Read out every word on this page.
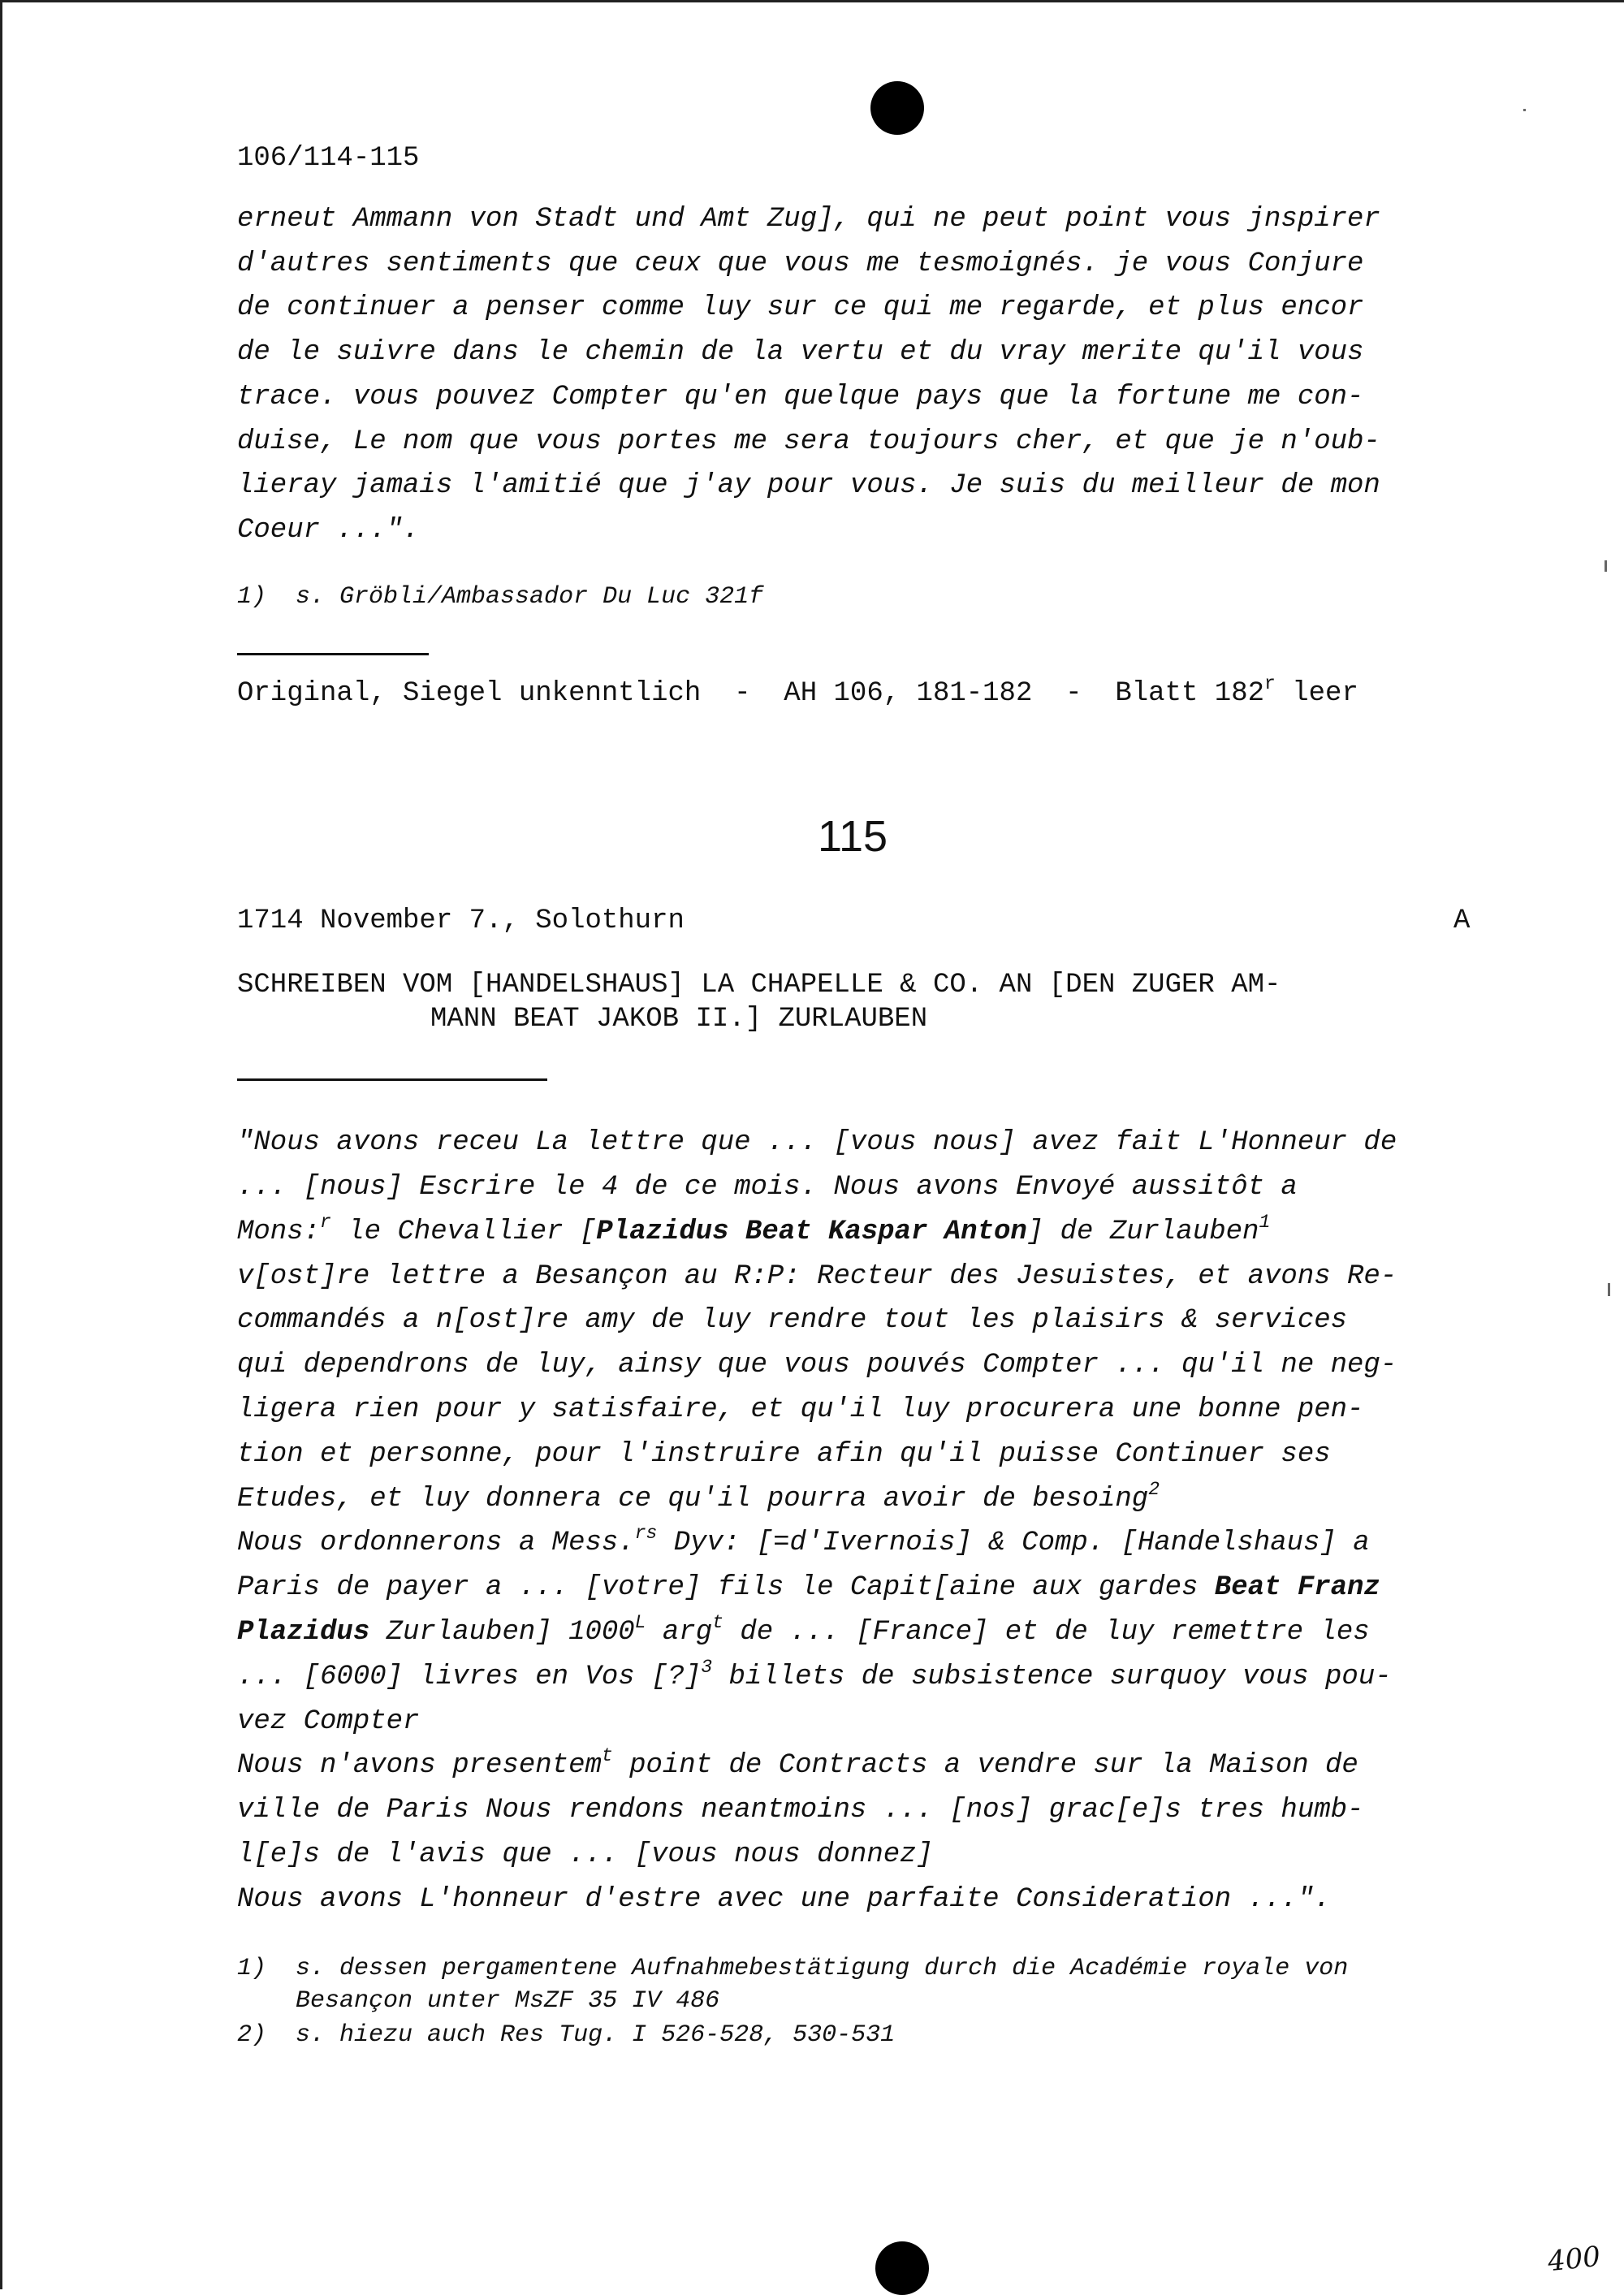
106/114-115
erneut Ammann von Stadt und Amt Zug], qui ne peut point vous jnspirer
d'autres sentiments que ceux que vous me tesmoignés. je vous Conjure
de continuer a penser comme luy sur ce qui me regarde, et plus encor
de le suivre dans le chemin de la vertu et du vray merite qu'il vous
trace. vous pouvez Compter qu'en quelque pays que la fortune me con-
duise, Le nom que vous portes me sera toujours cher, et que je n'oub-
lieray jamais l'amitié que j'ay pour vous. Je suis du meilleur de mon
Coeur ...".
1)  s. Gröbli/Ambassador Du Luc 321f
Original, Siegel unkenntlich  -  AH 106, 181-182  -  Blatt 182$^r$ leer
115
1714 November 7., Solothurn	A
SCHREIBEN VOM [HANDELSHAUS] LA CHAPELLE & CO. AN [DEN ZUGER AM-
MANN BEAT JAKOB II.] ZURLAUBEN
"Nous avons receu La lettre que ... [vous nous] avez fait L'Honneur de
... [nous] Escrire le 4 de ce mois. Nous avons Envoyé aussitôt a
Mons:$^r$ le Chevallier [Plazidus Beat Kaspar Anton] de Zurlauben$^1$
v[ost]re lettre a Besançon au R:P: Recteur des Jesuistes, et avons Re-
commandés a n[ost]re amy de luy rendre tout les plaisirs & services
qui dependrons de luy, ainsy que vous pouvés Compter ... qu'il ne neg-
ligera rien pour y satisfaire, et qu'il luy procurera une bonne pen-
tion et personne, pour l'instruire afin qu'il puisse Continuer ses
Etudes, et luy donnera ce qu'il pourra avoir de besoing$^2$
Nous ordonnerons a Mess.$^{rs}$ Dyv: [=d'Ivernois] & Comp. [Handelshaus] a
Paris de payer a ... [votre] fils le Capit[aine aux gardes Beat Franz
Plazidus Zurlauben] $1000^L$ arg$^t$ de ... [France] et de luy remettre les
... [6000] livres en Vos [?]$^3$ billets de subsistence surquoy vous pou-
vez Compter
Nous n'avons presentem$^t$ point de Contracts a vendre sur la Maison de
ville de Paris Nous rendons neantmoins ... [nos] grac[e]s tres humb-
l[e]s de l'avis que ... [vous nous donnez]
Nous avons L'honneur d'estre avec une parfaite Consideration ...".
1)  s. dessen pergamentene Aufnahmebestätigung durch die Académie royale von
Besançon unter MsZF 35 IV 486
2)  s. hiezu auch Res Tug. I 526-528, 530-531
400
